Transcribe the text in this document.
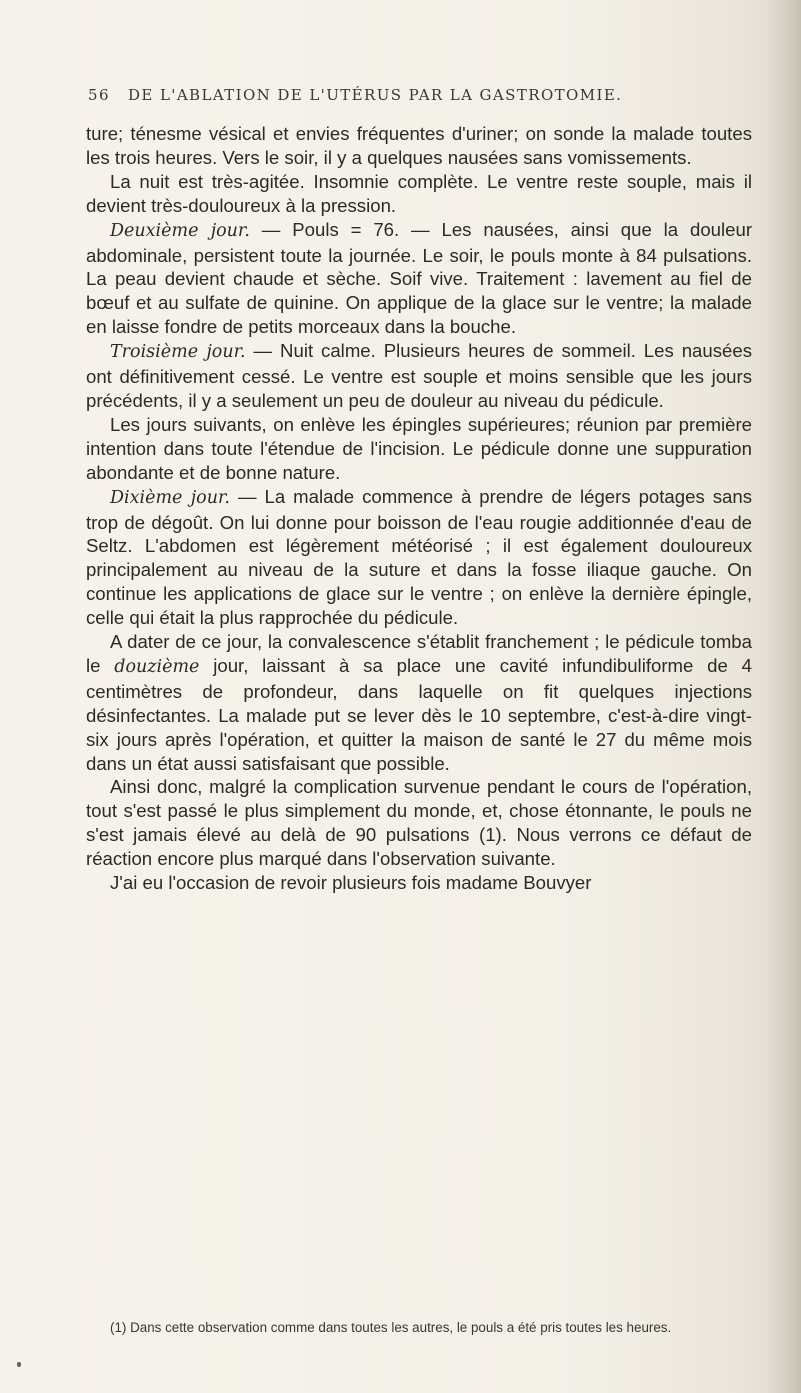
56 DE L'ABLATION DE L'UTÉRUS PAR LA GASTROTOMIE.

ture; ténesme vésical et envies fréquentes d'uriner; on sonde la malade toutes les trois heures. Vers le soir, il y a quelques nausées sans vomissements.

La nuit est très-agitée. Insomnie complète. Le ventre reste souple, mais il devient très-douloureux à la pression.

Deuxième jour. — Pouls = 76. — Les nausées, ainsi que la douleur abdominale, persistent toute la journée. Le soir, le pouls monte à 84 pulsations. La peau devient chaude et sèche. Soif vive. Traitement : lavement au fiel de bœuf et au sulfate de quinine. On applique de la glace sur le ventre; la malade en laisse fondre de petits morceaux dans la bouche.

Troisième jour. — Nuit calme. Plusieurs heures de sommeil. Les nausées ont définitivement cessé. Le ventre est souple et moins sensible que les jours précédents, il y a seulement un peu de douleur au niveau du pédicule.

Les jours suivants, on enlève les épingles supérieures; réunion par première intention dans toute l'étendue de l'incision. Le pédicule donne une suppuration abondante et de bonne nature.

Dixième jour. — La malade commence à prendre de légers potages sans trop de dégoût. On lui donne pour boisson de l'eau rougie additionnée d'eau de Seltz. L'abdomen est légèrement météorisé ; il est également douloureux principalement au niveau de la suture et dans la fosse iliaque gauche. On continue les applications de glace sur le ventre ; on enlève la dernière épingle, celle qui était la plus rapprochée du pédicule.

A dater de ce jour, la convalescence s'établit franchement ; le pédicule tomba le douzième jour, laissant à sa place une cavité infundibuliforme de 4 centimètres de profondeur, dans laquelle on fit quelques injections désinfectantes. La malade put se lever dès le 10 septembre, c'est-à-dire vingt-six jours après l'opération, et quitter la maison de santé le 27 du même mois dans un état aussi satisfaisant que possible.

Ainsi donc, malgré la complication survenue pendant le cours de l'opération, tout s'est passé le plus simplement du monde, et, chose étonnante, le pouls ne s'est jamais élevé au delà de 90 pulsations (1). Nous verrons ce défaut de réaction encore plus marqué dans l'observation suivante.

J'ai eu l'occasion de revoir plusieurs fois madame Bouvyer

(1) Dans cette observation comme dans toutes les autres, le pouls a été pris toutes les heures.
